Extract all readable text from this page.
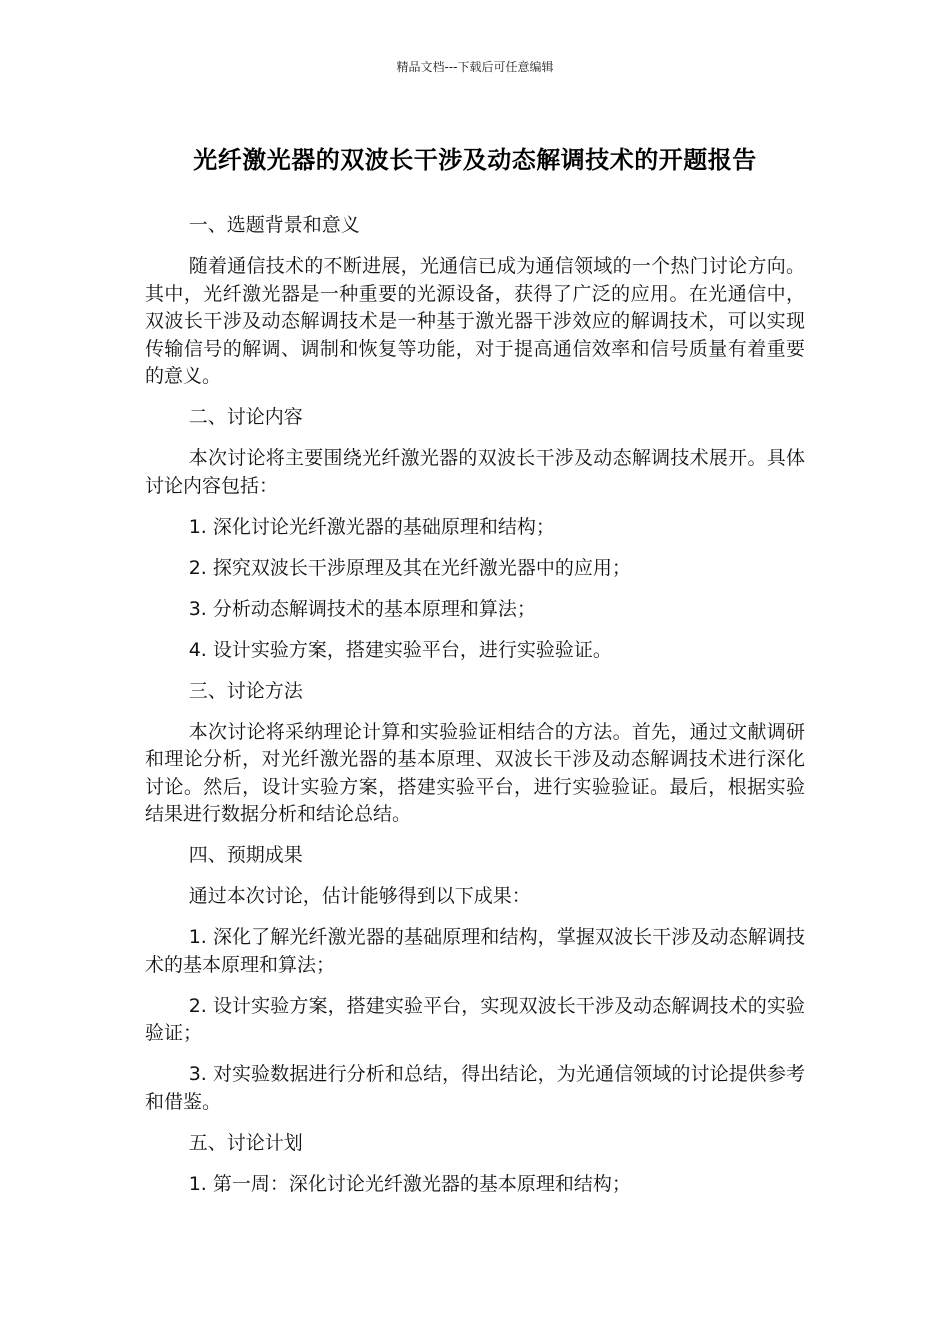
精品文档---下载后可任意编辑
光纤激光器的双波长干涉及动态解调技术的开题报告

一、选题背景和意义

随着通信技术的不断进展，光通信已成为通信领域的一个热门讨论方向。其中，光纤激光器是一种重要的光源设备，获得了广泛的应用。在光通信中，双波长干涉及动态解调技术是一种基于激光器干涉效应的解调技术，可以实现传输信号的解调、调制和恢复等功能，对于提高通信效率和信号质量有着重要的意义。

二、讨论内容

本次讨论将主要围绕光纤激光器的双波长干涉及动态解调技术展开。具体讨论内容包括：

1. 深化讨论光纤激光器的基础原理和结构；

2. 探究双波长干涉原理及其在光纤激光器中的应用；

3. 分析动态解调技术的基本原理和算法；

4. 设计实验方案，搭建实验平台，进行实验验证。

三、讨论方法

本次讨论将采纳理论计算和实验验证相结合的方法。首先，通过文献调研和理论分析，对光纤激光器的基本原理、双波长干涉及动态解调技术进行深化讨论。然后，设计实验方案，搭建实验平台，进行实验验证。最后，根据实验结果进行数据分析和结论总结。

四、预期成果

通过本次讨论，估计能够得到以下成果：

1. 深化了解光纤激光器的基础原理和结构，掌握双波长干涉及动态解调技术的基本原理和算法；

2. 设计实验方案，搭建实验平台，实现双波长干涉及动态解调技术的实验验证；

3. 对实验数据进行分析和总结，得出结论，为光通信领域的讨论提供参考和借鉴。

五、讨论计划

1. 第一周：深化讨论光纤激光器的基本原理和结构；
